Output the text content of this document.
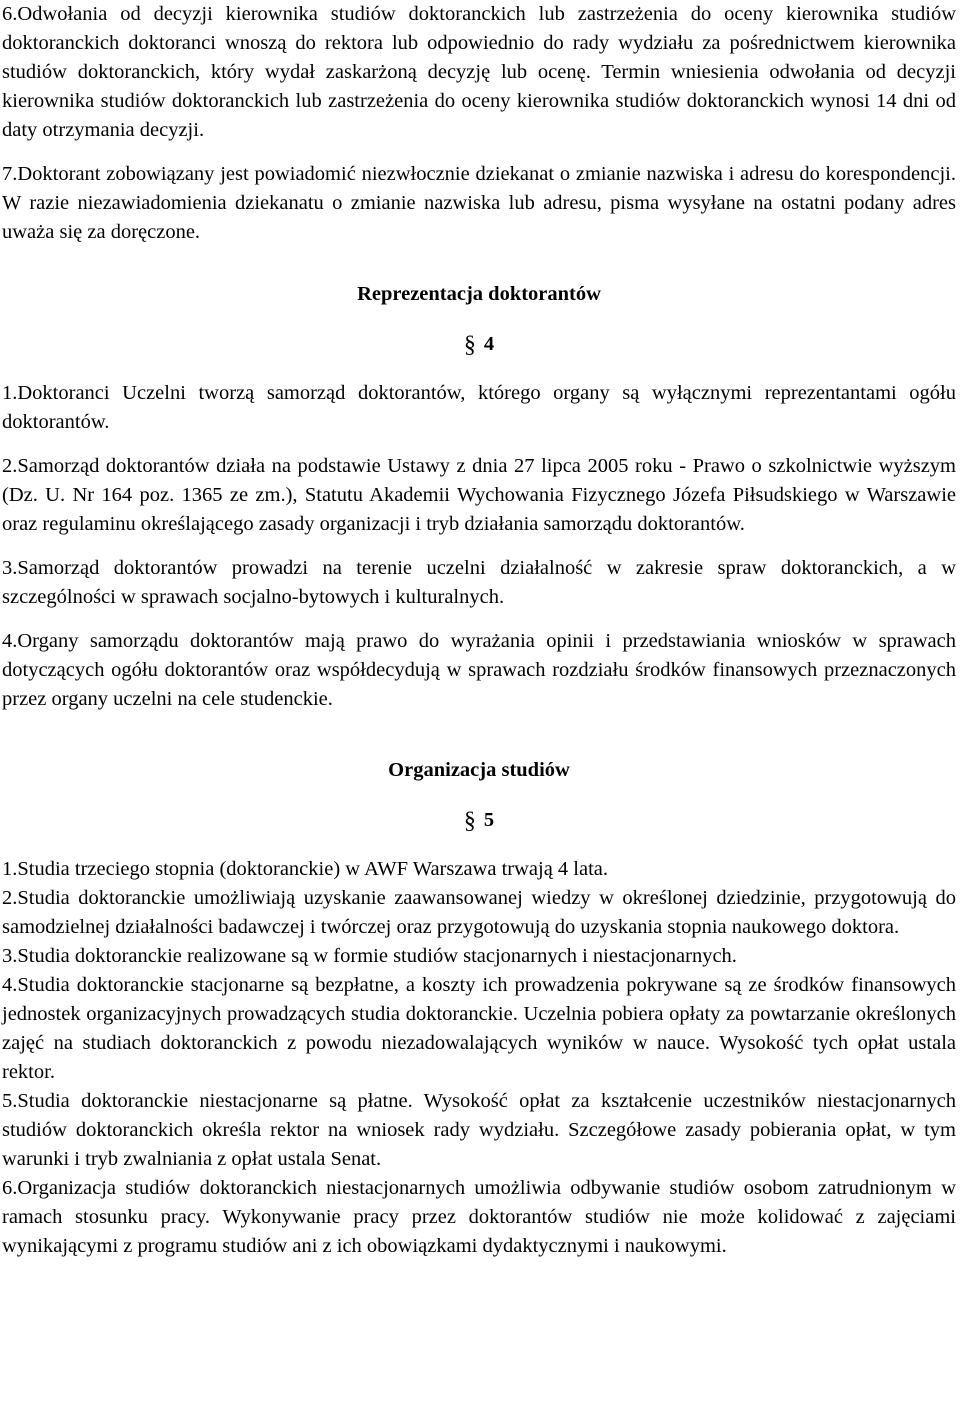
6.Odwołania od decyzji kierownika studiów doktoranckich lub zastrzeżenia do oceny kierownika studiów doktoranckich doktoranci wnoszą do rektora lub odpowiednio do rady wydziału za pośrednictwem kierownika studiów doktoranckich, który wydał zaskarżoną decyzję lub ocenę. Termin wniesienia odwołania od decyzji kierownika studiów doktoranckich lub zastrzeżenia do oceny kierownika studiów doktoranckich wynosi 14 dni od daty otrzymania decyzji.

7.Doktorant zobowiązany jest powiadomić niezwłocznie dziekanat o zmianie nazwiska i adresu do korespondencji. W razie niezawiadomienia dziekanatu o zmianie nazwiska lub adresu, pisma wysyłane na ostatni podany adres uważa się za doręczone.

Reprezentacja doktorantów
§ 4

1.Doktoranci Uczelni tworzą samorząd doktorantów, którego organy są wyłącznymi reprezentantami ogółu doktorantów.

2.Samorząd doktorantów działa na podstawie Ustawy z dnia 27 lipca 2005 roku - Prawo o szkolnictwie wyższym (Dz. U. Nr 164 poz. 1365 ze zm.), Statutu Akademii Wychowania Fizycznego Józefa Piłsudskiego w Warszawie oraz regulaminu określającego zasady organizacji i tryb działania samorządu doktorantów.

3.Samorząd doktorantów prowadzi na terenie uczelni działalność w zakresie spraw doktoranckich, a w szczególności w sprawach socjalno-bytowych i kulturalnych.

4.Organy samorządu doktorantów mają prawo do wyrażania opinii i przedstawiania wniosków w sprawach dotyczących ogółu doktorantów oraz współdecydują w sprawach rozdziału środków finansowych przeznaczonych przez organy uczelni na cele studenckie.

Organizacja studiów
§ 5

1.Studia trzeciego stopnia (doktoranckie) w AWF Warszawa trwają 4 lata.

2.Studia doktoranckie umożliwiają uzyskanie zaawansowanej wiedzy w określonej dziedzinie, przygotowują do samodzielnej działalności badawczej i twórczej oraz przygotowują do uzyskania stopnia naukowego doktora.

3.Studia doktoranckie realizowane są w formie studiów stacjonarnych i niestacjonarnych.

4.Studia doktoranckie stacjonarne są bezpłatne, a koszty ich prowadzenia pokrywane są ze środków finansowych jednostek organizacyjnych prowadzących studia doktoranckie. Uczelnia pobiera opłaty za powtarzanie określonych zajęć na studiach doktoranckich z powodu niezadowalających wyników w nauce. Wysokość tych opłat ustala rektor.

5.Studia doktoranckie niestacjonarne są płatne. Wysokość opłat za kształcenie uczestników niestacjonarnych studiów doktoranckich określa rektor na wniosek rady wydziału. Szczegółowe zasady pobierania opłat, w tym warunki i tryb zwalniania z opłat ustala Senat.

6.Organizacja studiów doktoranckich niestacjonarnych umożliwia odbywanie studiów osobom zatrudnionym w ramach stosunku pracy. Wykonywanie pracy przez doktorantów studiów nie może kolidować z zajęciami wynikającymi z programu studiów ani z ich obowiązkami dydaktycznymi i naukowymi.
